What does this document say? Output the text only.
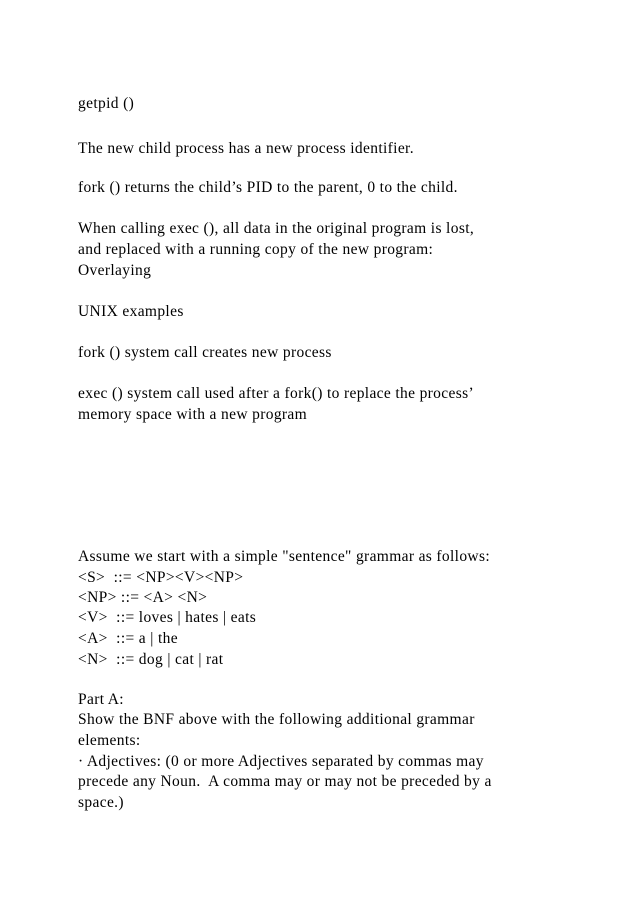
getpid ()

The new child process has a new process identifier.

fork () returns the child’s PID to the parent, 0 to the child.

When calling exec (), all data in the original program is lost,

and replaced with a running copy of the new program:

Overlaying

UNIX examples

fork () system call creates new process

exec () system call used after a fork() to replace the process’

memory space with a new program

Assume we start with a simple "sentence" grammar as follows:

<S>  ::= <NP><V><NP>

<NP> ::= <A> <N>

<V>  ::= loves | hates | eats

<A>  ::= a | the

<N>  ::= dog | cat | rat

Part A:

Show the BNF above with the following additional grammar

elements:

· Adjectives: (0 or more Adjectives separated by commas may

precede any Noun.  A comma may or may not be preceded by a

space.)
